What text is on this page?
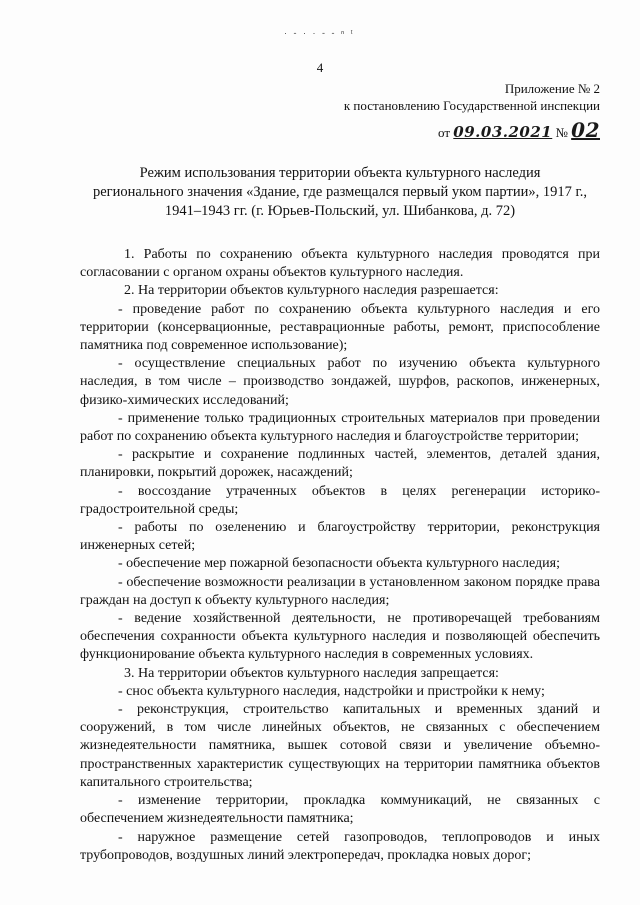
· - · · - - ⁿ ᵗ
4
Приложение № 2
к постановлению Государственной инспекции
от 09.03.2021 № 02
Режим использования территории объекта культурного наследия
регионального значения «Здание, где размещался первый уком партии», 1917 г.,
1941–1943 гг. (г. Юрьев-Польский, ул. Шибанкова, д. 72)

1. Работы по сохранению объекта культурного наследия проводятся при согласовании с органом охраны объектов культурного наследия.

2. На территории объектов культурного наследия разрешается:

- проведение работ по сохранению объекта культурного наследия и его территории (консервационные, реставрационные работы, ремонт, приспособление памятника под современное использование);

- осуществление специальных работ по изучению объекта культурного наследия, в том числе – производство зондажей, шурфов, раскопов, инженерных, физико-химических исследований;

- применение только традиционных строительных материалов при проведении работ по сохранению объекта культурного наследия и благоустройстве территории;

- раскрытие и сохранение подлинных частей, элементов, деталей здания, планировки, покрытий дорожек, насаждений;

- воссоздание утраченных объектов в целях регенерации историко-градостроительной среды;

- работы по озеленению и благоустройству территории, реконструкция инженерных сетей;

- обеспечение мер пожарной безопасности объекта культурного наследия;

- обеспечение возможности реализации в установленном законом порядке права граждан на доступ к объекту культурного наследия;

- ведение хозяйственной деятельности, не противоречащей требованиям обеспечения сохранности объекта культурного наследия и позволяющей обеспечить функционирование объекта культурного наследия в современных условиях.

3. На территории объектов культурного наследия запрещается:

- снос объекта культурного наследия, надстройки и пристройки к нему;

- реконструкция, строительство капитальных и временных зданий и сооружений, в том числе линейных объектов, не связанных с обеспечением жизнедеятельности памятника, вышек сотовой связи и увеличение объемно-пространственных характеристик существующих на территории памятника объектов капитального строительства;

- изменение территории, прокладка коммуникаций, не связанных с обеспечением жизнедеятельности памятника;

- наружное размещение сетей газопроводов, теплопроводов и иных трубопроводов, воздушных линий электропередач, прокладка новых дорог;
